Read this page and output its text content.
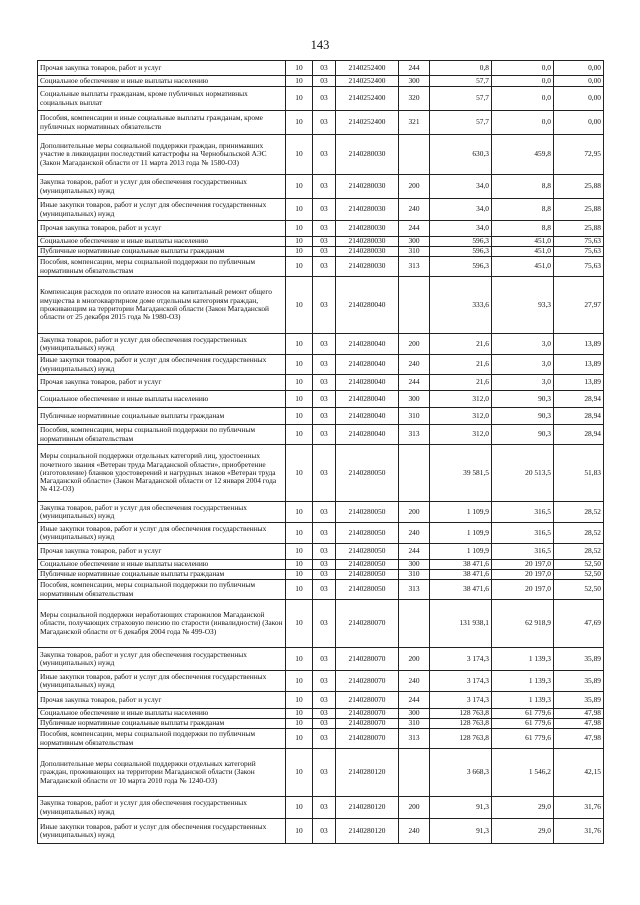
143
Прочая закупка товаров, работ и услуг	10	03	2140252400	244	0,8	0,0	0,00
Социальное обеспечение и иные выплаты населению	10	03	2140252400	300	57,7	0,0	0,00
Социальные выплаты гражданам, кроме публичных нормативных социальных выплат	10	03	2140252400	320	57,7	0,0	0,00
Пособия, компенсации и иные социальные выплаты гражданам, кроме публичных нормативных обязательств	10	03	2140252400	321	57,7	0,0	0,00
Дополнительные меры социальной поддержки граждан, принимавших участие в ликвидации последствий катастрофы на Чернобыльской АЭС (Закон Магаданской области от 11 марта 2013 года № 1580-ОЗ)	10	03	2140280030		630,3	459,8	72,95
Закупка товаров, работ и услуг для обеспечения государственных (муниципальных) нужд	10	03	2140280030	200	34,0	8,8	25,88
Иные закупки товаров, работ и услуг для обеспечения государственных (муниципальных) нужд	10	03	2140280030	240	34,0	8,8	25,88
Прочая закупка товаров, работ и услуг	10	03	2140280030	244	34,0	8,8	25,88
Социальное обеспечение и иные выплаты населению	10	03	2140280030	300	596,3	451,0	75,63
Публичные нормативные социальные выплаты гражданам	10	03	2140280030	310	596,3	451,0	75,63
Пособия, компенсации, меры социальной поддержки по публичным нормативным обязательствам	10	03	2140280030	313	596,3	451,0	75,63
Компенсация расходов по оплате взносов на капитальный ремонт общего имущества в многоквартирном доме отдельным категориям граждан, проживающим на территории Магаданской области (Закон Магаданской области от 25 декабря 2015 года № 1980-ОЗ)	10	03	2140280040		333,6	93,3	27,97
Закупка товаров, работ и услуг для обеспечения государственных (муниципальных) нужд	10	03	2140280040	200	21,6	3,0	13,89
Иные закупки товаров, работ и услуг для обеспечения государственных (муниципальных) нужд	10	03	2140280040	240	21,6	3,0	13,89
Прочая закупка товаров, работ и услуг	10	03	2140280040	244	21,6	3,0	13,89
Социальное обеспечение и иные выплаты населению	10	03	2140280040	300	312,0	90,3	28,94
Публичные нормативные социальные выплаты гражданам	10	03	2140280040	310	312,0	90,3	28,94
Пособия, компенсации, меры социальной поддержки по публичным нормативным обязательствам	10	03	2140280040	313	312,0	90,3	28,94
Меры социальной поддержки отдельных категорий лиц, удостоенных почетного звания «Ветеран труда Магаданской области», приобретение (изготовление) бланков удостоверений и нагрудных знаков «Ветеран труда Магаданской области» (Закон Магаданской области от 12 января 2004 года № 412-ОЗ)	10	03	2140280050		39 581,5	20 513,5	51,83
Закупка товаров, работ и услуг для обеспечения государственных (муниципальных) нужд	10	03	2140280050	200	1 109,9	316,5	28,52
Иные закупки товаров, работ и услуг для обеспечения государственных (муниципальных) нужд	10	03	2140280050	240	1 109,9	316,5	28,52
Прочая закупка товаров, работ и услуг	10	03	2140280050	244	1 109,9	316,5	28,52
Социальное обеспечение и иные выплаты населению	10	03	2140280050	300	38 471,6	20 197,0	52,50
Публичные нормативные социальные выплаты гражданам	10	03	2140280050	310	38 471,6	20 197,0	52,50
Пособия, компенсации, меры социальной поддержки по публичным нормативным обязательствам	10	03	2140280050	313	38 471,6	20 197,0	52,50
Меры социальной поддержки неработающих старожилов Магаданской области, получающих страховую пенсию по старости (инвалидности) (Закон Магаданской области от 6 декабря 2004 года № 499-ОЗ)	10	03	2140280070		131 938,1	62 918,9	47,69
Закупка товаров, работ и услуг для обеспечения государственных (муниципальных) нужд	10	03	2140280070	200	3 174,3	1 139,3	35,89
Иные закупки товаров, работ и услуг для обеспечения государственных (муниципальных) нужд	10	03	2140280070	240	3 174,3	1 139,3	35,89
Прочая закупка товаров, работ и услуг	10	03	2140280070	244	3 174,3	1 139,3	35,89
Социальное обеспечение и иные выплаты населению	10	03	2140280070	300	128 763,8	61 779,6	47,98
Публичные нормативные социальные выплаты гражданам	10	03	2140280070	310	128 763,8	61 779,6	47,98
Пособия, компенсации, меры социальной поддержки по публичным нормативным обязательствам	10	03	2140280070	313	128 763,8	61 779,6	47,98
Дополнительные меры социальной поддержки отдельных категорий граждан, проживающих на территории Магаданской области (Закон Магаданской области от 10 марта 2010 года № 1240-ОЗ)	10	03	2140280120		3 668,3	1 546,2	42,15
Закупка товаров, работ и услуг для обеспечения государственных (муниципальных) нужд	10	03	2140280120	200	91,3	29,0	31,76
Иные закупки товаров, работ и услуг для обеспечения государственных (муниципальных) нужд	10	03	2140280120	240	91,3	29,0	31,76
